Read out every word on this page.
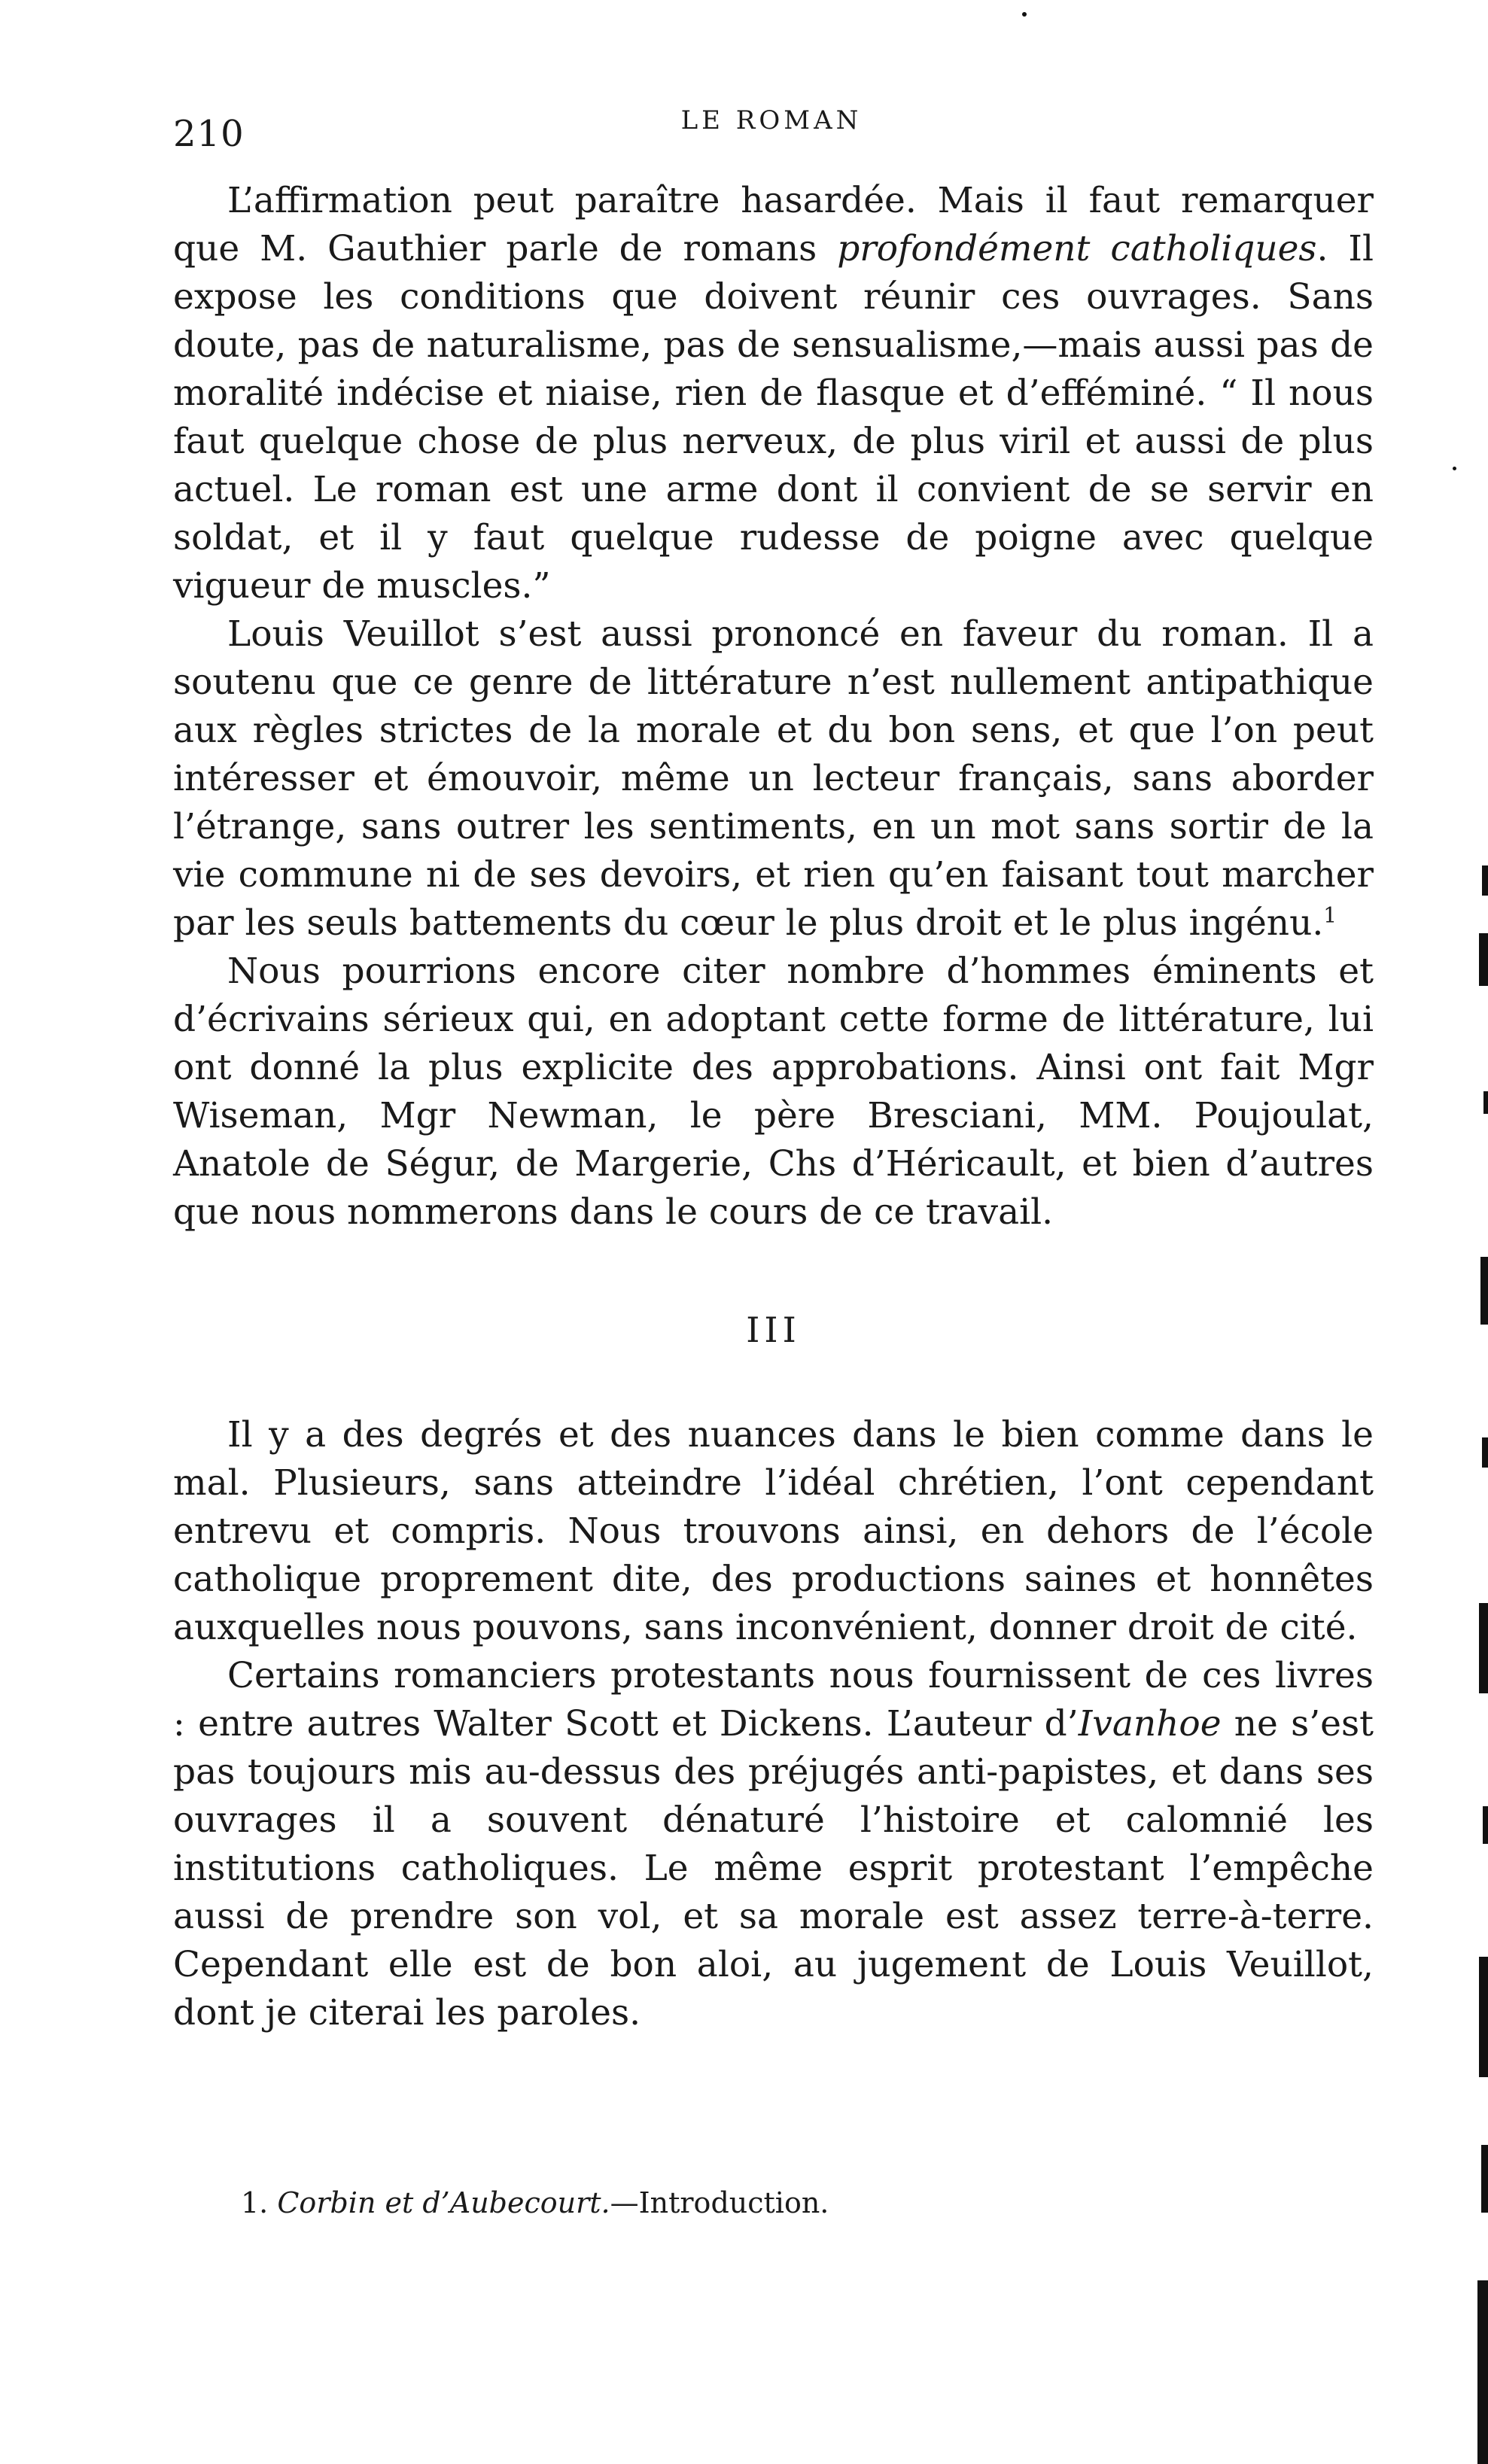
210	LE ROMAN

L’affirmation peut paraître hasardée. Mais il faut remarquer que M. Gauthier parle de romans profondément catholiques. Il expose les conditions que doivent réunir ces ouvrages. Sans doute, pas de naturalisme, pas de sensualisme,—mais aussi pas de moralité indécise et niaise, rien de flasque et d’efféminé. “ Il nous faut quelque chose de plus nerveux, de plus viril et aussi de plus actuel. Le roman est une arme dont il convient de se servir en soldat, et il y faut quelque rudesse de poigne avec quelque vigueur de muscles.”

Louis Veuillot s’est aussi prononcé en faveur du roman. Il a soutenu que ce genre de littérature n’est nullement antipathique aux règles strictes de la morale et du bon sens, et que l’on peut intéresser et émouvoir, même un lecteur français, sans aborder l’étrange, sans outrer les sentiments, en un mot sans sortir de la vie commune ni de ses devoirs, et rien qu’en faisant tout marcher par les seuls battements du cœur le plus droit et le plus ingénu.$^1$

Nous pourrions encore citer nombre d’hommes éminents et d’écrivains sérieux qui, en adoptant cette forme de littérature, lui ont donné la plus explicite des approbations. Ainsi ont fait Mgr Wiseman, Mgr Newman, le père Bresciani, MM. Poujoulat, Anatole de Ségur, de Margerie, Chs d’Héricault, et bien d’autres que nous nommerons dans le cours de ce travail.

III

Il y a des degrés et des nuances dans le bien comme dans le mal. Plusieurs, sans atteindre l’idéal chrétien, l’ont cependant entrevu et compris. Nous trouvons ainsi, en dehors de l’école catholique proprement dite, des productions saines et honnêtes auxquelles nous pouvons, sans inconvénient, donner droit de cité.

Certains romanciers protestants nous fournissent de ces livres : entre autres Walter Scott et Dickens. L’auteur d’Ivanhoe ne s’est pas toujours mis au-dessus des préjugés anti-papistes, et dans ses ouvrages il a souvent dénaturé l’histoire et calomnié les institutions catholiques. Le même esprit protestant l’empêche aussi de prendre son vol, et sa morale est assez terre-à-terre. Cependant elle est de bon aloi, au jugement de Louis Veuillot, dont je citerai les paroles.

1. Corbin et d’Aubecourt.—Introduction.
